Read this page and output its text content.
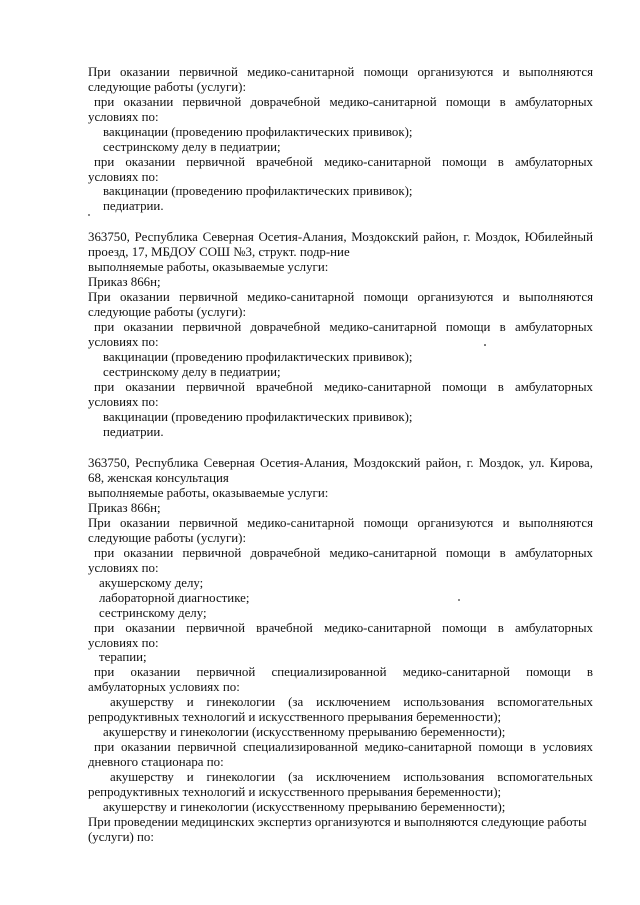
При оказании первичной медико-санитарной помощи организуются и выполняются
следующие работы (услуги):
при оказании первичной доврачебной медико-санитарной помощи в амбулаторных
условиях по:
вакцинации (проведению профилактических прививок);
сестринскому делу в педиатрии;
при оказании первичной врачебной медико-санитарной помощи в амбулаторных
условиях по:
вакцинации (проведению профилактических прививок);
педиатрии.
363750, Республика Северная Осетия-Алания, Моздокский район, г. Моздок, Юбилейный
проезд, 17, МБДОУ СОШ №3, структ. подр-ние
выполняемые работы, оказываемые услуги:
Приказ 866н;
При оказании первичной медико-санитарной помощи организуются и выполняются
следующие работы (услуги):
при оказании первичной доврачебной медико-санитарной помощи в амбулаторных
условиях по:
вакцинации (проведению профилактических прививок);
сестринскому делу в педиатрии;
при оказании первичной врачебной медико-санитарной помощи в амбулаторных
условиях по:
вакцинации (проведению профилактических прививок);
педиатрии.
363750, Республика Северная Осетия-Алания, Моздокский район, г. Моздок, ул. Кирова,
68, женская консультация
выполняемые работы, оказываемые услуги:
Приказ 866н;
При оказании первичной медико-санитарной помощи организуются и выполняются
следующие работы (услуги):
при оказании первичной доврачебной медико-санитарной помощи в амбулаторных
условиях по:
акушерскому делу;
лабораторной диагностике;
сестринскому делу;
при оказании первичной врачебной медико-санитарной помощи в амбулаторных
условиях по:
терапии;
при оказании первичной специализированной медико-санитарной помощи в
амбулаторных условиях по:
акушерству и гинекологии (за исключением использования вспомогательных
репродуктивных технологий и искусственного прерывания беременности);
акушерству и гинекологии (искусственному прерыванию беременности);
при оказании первичной специализированной медико-санитарной помощи в условиях
дневного стационара по:
акушерству и гинекологии (за исключением использования вспомогательных
репродуктивных технологий и искусственного прерывания беременности);
акушерству и гинекологии (искусственному прерыванию беременности);
При проведении медицинских экспертиз организуются и выполняются следующие работы
(услуги) по:
